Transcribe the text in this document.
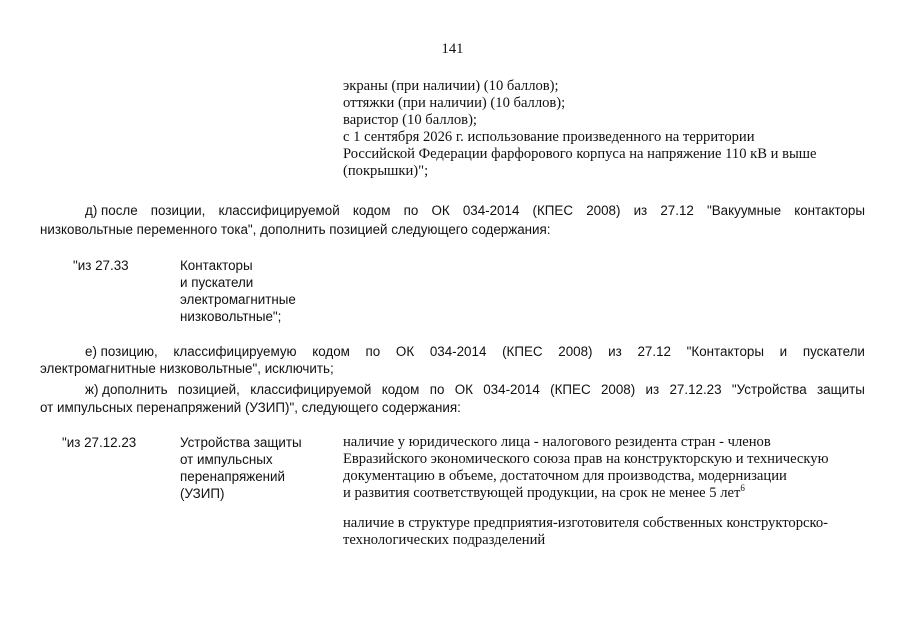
141
экраны (при наличии) (10 баллов);
оттяжки (при наличии) (10 баллов);
варистор (10 баллов);
с 1 сентября 2026 г. использование произведенного на территории
Российской Федерации фарфорового корпуса на напряжение 110 кВ и выше
(покрышки)";
д) после позиции, классифицируемой кодом по ОК 034-2014 (КПЕС 2008) из 27.12 "Вакуумные контакторы
низковольтные переменного тока", дополнить позицией следующего содержания:
"из 27.33	Контакторы
и пускатели
электромагнитные
низковольтные";
е) позицию, классифицируемую кодом по ОК 034-2014 (КПЕС 2008) из 27.12 "Контакторы и пускатели
электромагнитные низковольтные", исключить;
ж) дополнить позицией, классифицируемой кодом по ОК 034-2014 (КПЕС 2008) из 27.12.23 "Устройства защиты
от импульсных перенапряжений (УЗИП)", следующего содержания:
"из 27.12.23	Устройства защиты
от импульсных
перенапряжений
(УЗИП)
наличие у юридического лица - налогового резидента стран - членов
Евразийского экономического союза прав на конструкторскую и техническую
документацию в объеме, достаточном для производства, модернизации
и развития соответствующей продукции, на срок не менее 5 лет$^6$
наличие в структуре предприятия-изготовителя собственных конструкторско-
технологических подразделений
